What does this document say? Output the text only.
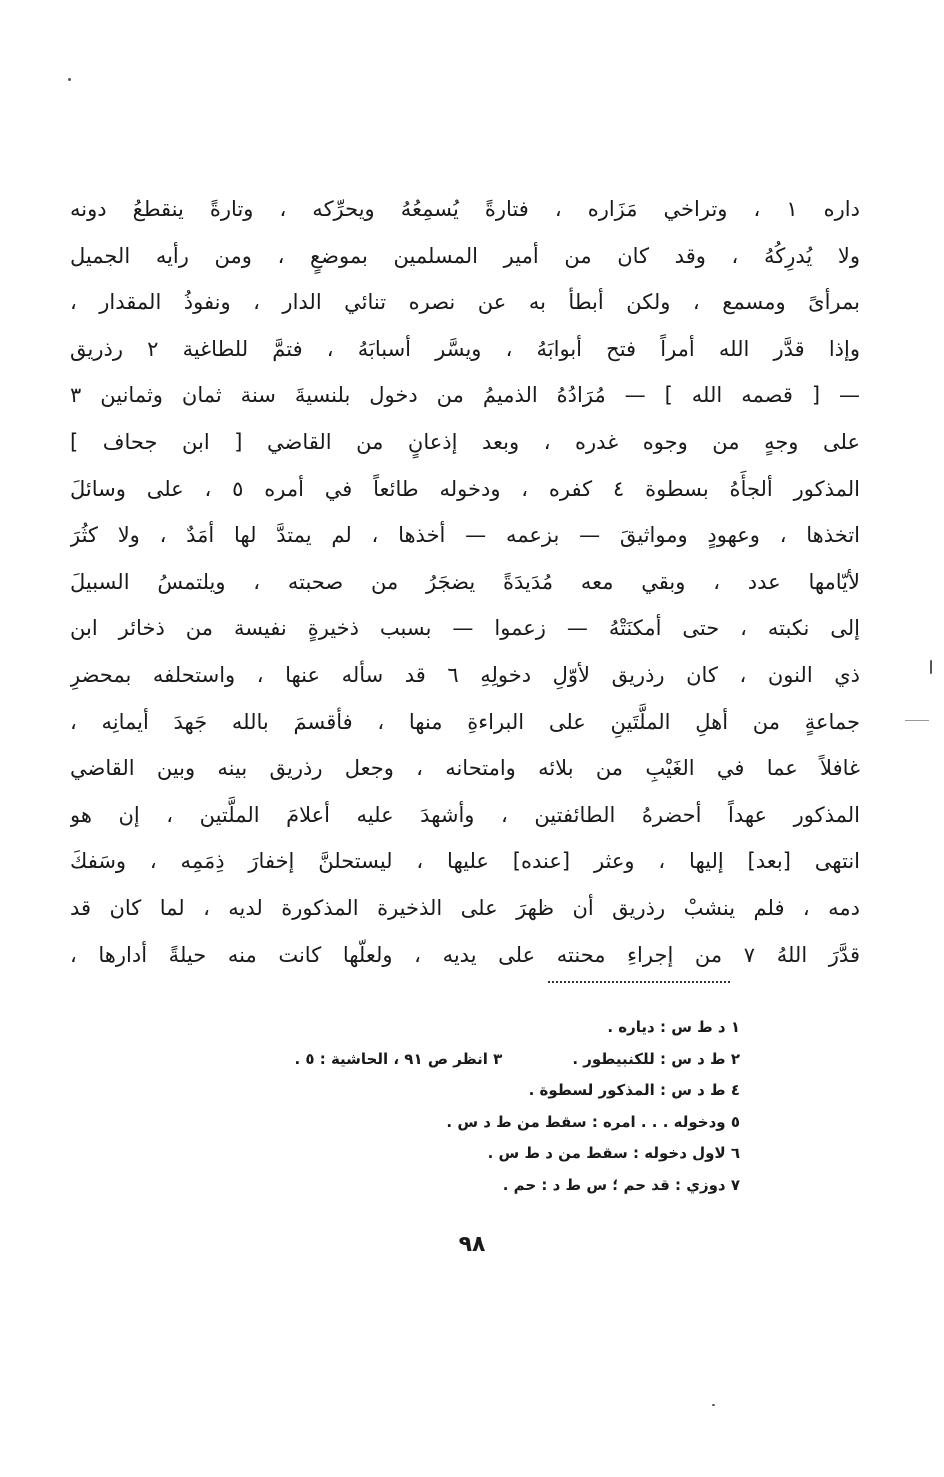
داره ١ ، وتراخي مَزَاره ، فتارةً يُسمِعُهُ ويحرِّكه ، وتارةً ينقطعُ دونه
ولا يُدرِكُهُ ، وقد كان من أمير المسلمين بموضعٍ ، ومن رأيه الجميل
بمرأىً ومسمع ، ولكن أبطأ به عن نصره تنائي الدار ، ونفوذُ المقدار ،
وإذا قدَّر الله أمراً فتح أبوابَهُ ، ويسَّر أسبابَهُ ، فتمَّ للطاغية ٢ رذريق
— [ قصمه الله ] — مُرَادُهُ الذميمُ من دخول بلنسيةَ سنة ثمان وثمانين ٣
على وجهٍ من وجوه غدره ، وبعد إذعانٍ من القاضي [ ابن جحاف ]
المذكور ألجأَهُ بسطوة ٤ كفره ، ودخوله طائعاً في أمره ٥ ، على وسائلَ
اتخذها ، وعهودٍ ومواثيقَ — بزعمه — أخذها ، لم يمتدَّ لها أمَدٌ ، ولا كثُرَ
لأيّامها عدد ، وبقي معه مُدَيدَةً يضجَرُ من صحبته ، ويلتمسُ السبيلَ
إلى نكبته ، حتى أمكنَتْهُ — زعموا — بسبب ذخيرةٍ نفيسة من ذخائر ابن
ذي النون ، كان رذريق لأوّلِ دخولِهِ ٦ قد سأله عنها ، واستحلفه بمحضرِ
جماعةٍ من أهلِ الملَّتَينِ على البراءةِ منها ، فأقسمَ بالله جَهدَ أيمانِه ،
غافلاً عما في الغَيْبِ من بلائه وامتحانه ، وجعل رذريق بينه وبين القاضي
المذكور عهداً أحضرهُ الطائفتين ، وأشهدَ عليه أعلامَ الملَّتين ، إن هو
انتهى [بعد] إليها ، وعثر [عنده] عليها ، ليستحلنَّ إخفارَ ذِمَمِه ، وسَفكَ
دمه ، فلم ينشبْ رذريق أن ظهرَ على الذخيرة المذكورة لديه ، لما كان قد
قدَّرَ اللهُ ٧ من إجراءِ محنته على يديه ، ولعلّها كانت منه حيلةً أدارها ،
١ د ط س : دياره .
٢ ط د س : للكنبيطور .
٣ انظر ص ٩١ ، الحاشية : ٥ .
٤ ط د س : المذكور لسطوة .
٥ ودخوله . . . امره : سقط من ط د س .
٦ لاول دخوله : سقط من د ط س .
٧ دوزي : قد حم ؛ س ط د : حم .
٩٨
